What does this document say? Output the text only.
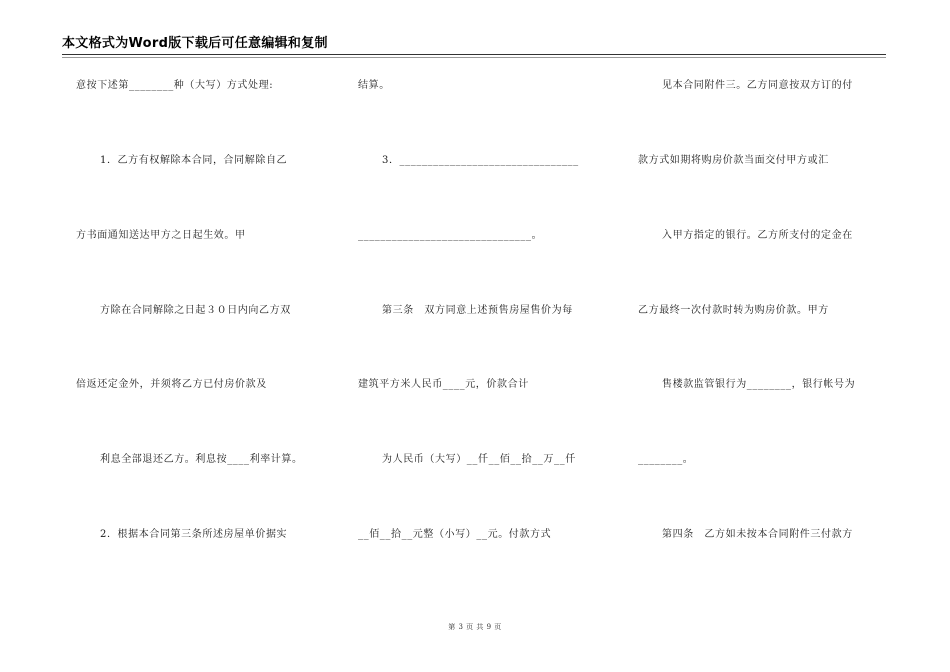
本文格式为Word版下载后可任意编辑和复制
意按下述第________种（大写）方式处理:
1．乙方有权解除本合同，合同解除自乙
方书面通知送达甲方之日起生效。甲
方除在合同解除之日起３０日内向乙方双
倍返还定金外，并须将乙方已付房价款及
利息全部退还乙方。利息按____利率计算。
2．根据本合同第三条所述房屋单价据实
结算。
3．________________________________
_______________________________。
第三条　双方同意上述预售房屋售价为每
建筑平方米人民币____元，价款合计
为人民币（大写）__仟__佰__拾__万__仟
__佰__拾__元整（小写）__元。付款方式
见本合同附件三。乙方同意按双方订的付
款方式如期将购房价款当面交付甲方或汇
入甲方指定的银行。乙方所支付的定金在
乙方最终一次付款时转为购房价款。甲方
售楼款监管银行为________，银行帐号为
________。
第四条　乙方如未按本合同附件三付款方
第 3 页 共 9 页
